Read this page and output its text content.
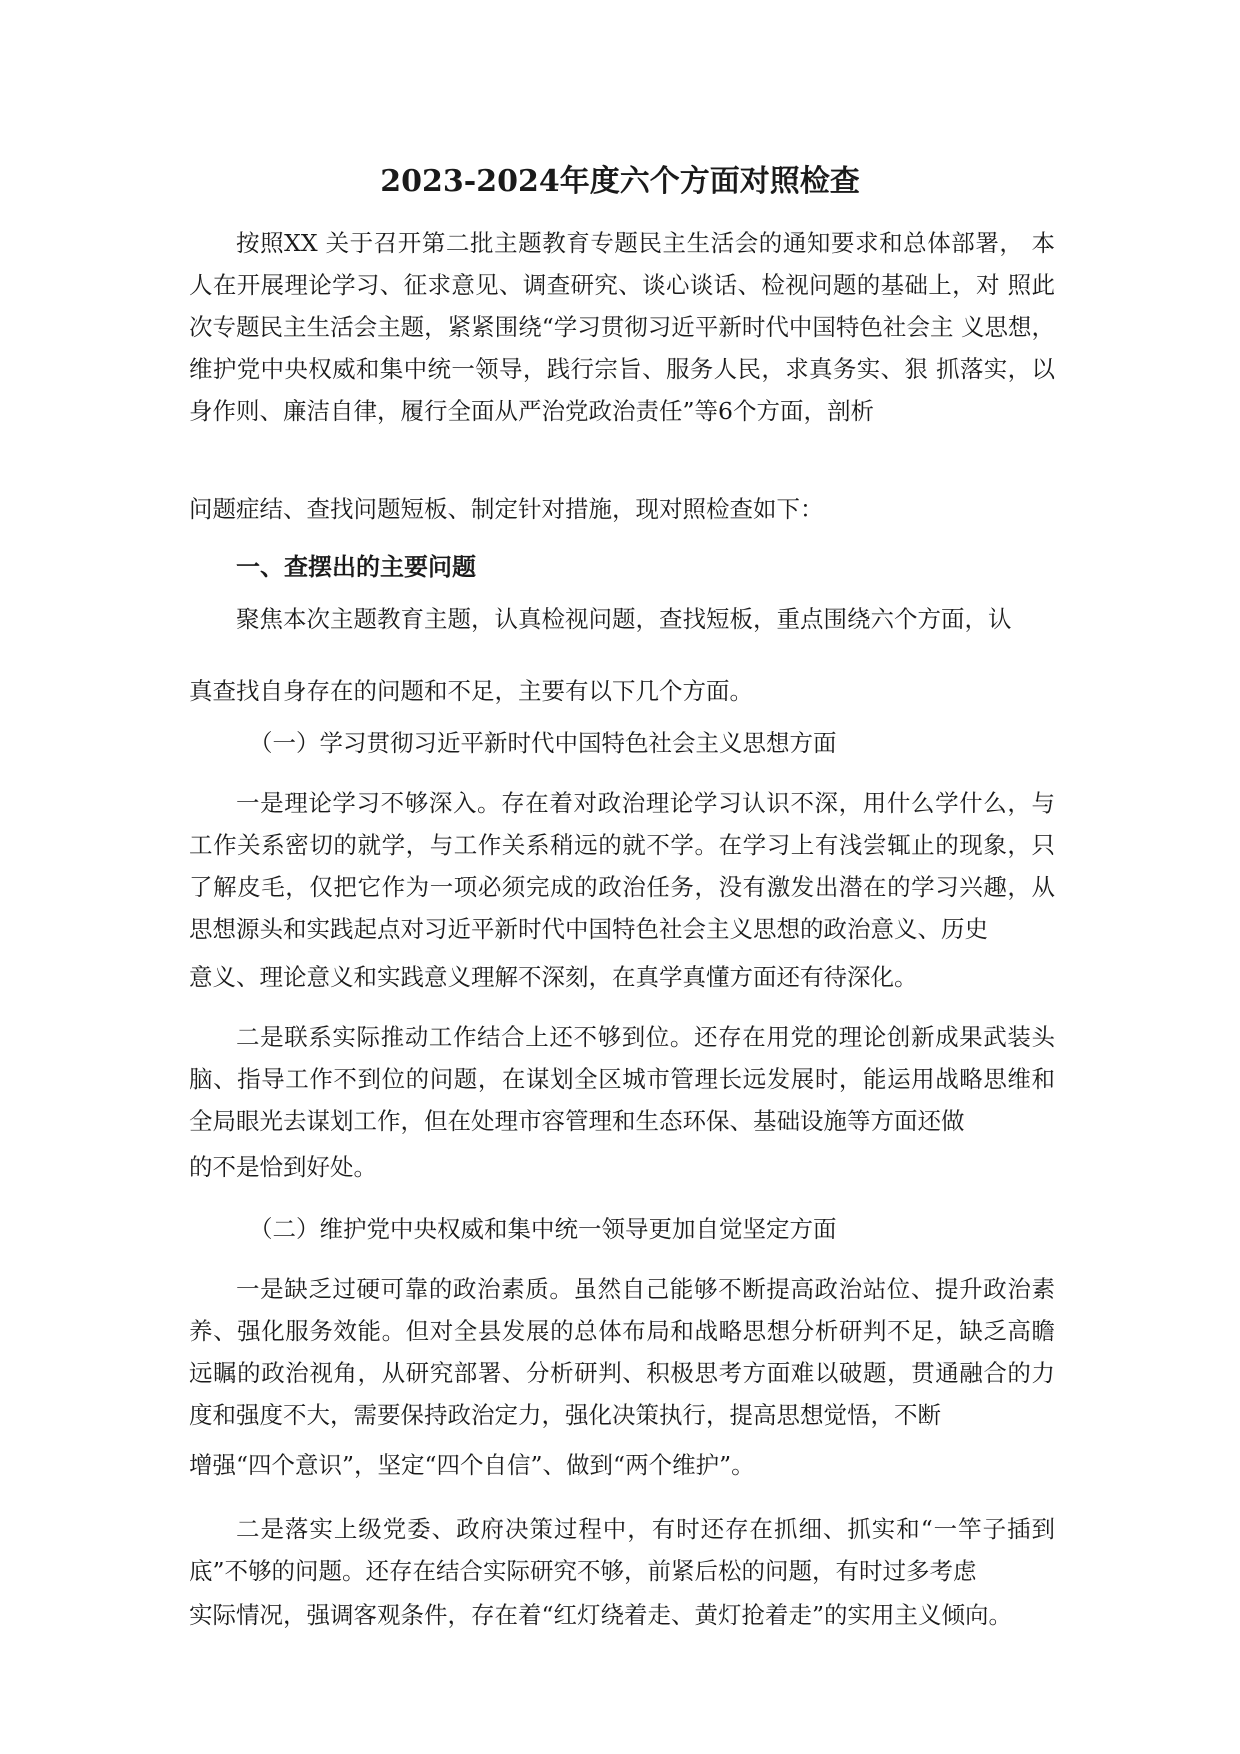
2023-2024年度六个方面对照检查

按照XX 关于召开第二批主题教育专题民主生活会的通知要求和总体部署， 本人在开展理论学习、征求意见、调查研究、谈心谈话、检视问题的基础上，对 照此次专题民主生活会主题，紧紧围绕“学习贯彻习近平新时代中国特色社会主 义思想，维护党中央权威和集中统一领导，践行宗旨、服务人民，求真务实、狠 抓落实，以身作则、廉洁自律，履行全面从严治党政治责任”等6个方面，剖析

问题症结、查找问题短板、制定针对措施，现对照检查如下：

一、查摆出的主要问题

聚焦本次主题教育主题，认真检视问题，查找短板，重点围绕六个方面，认

真查找自身存在的问题和不足，主要有以下几个方面。

（一）学习贯彻习近平新时代中国特色社会主义思想方面

一是理论学习不够深入。存在着对政治理论学习认识不深，用什么学什么，与工作关系密切的就学，与工作关系稍远的就不学。在学习上有浅尝辄止的现象，只了解皮毛，仅把它作为一项必须完成的政治任务，没有激发出潜在的学习兴趣，从思想源头和实践起点对习近平新时代中国特色社会主义思想的政治意义、历史

意义、理论意义和实践意义理解不深刻，在真学真懂方面还有待深化。

二是联系实际推动工作结合上还不够到位。还存在用党的理论创新成果武装头脑、指导工作不到位的问题，在谋划全区城市管理长远发展时，能运用战略思维和全局眼光去谋划工作，但在处理市容管理和生态环保、基础设施等方面还做

的不是恰到好处。

（二）维护党中央权威和集中统一领导更加自觉坚定方面

一是缺乏过硬可靠的政治素质。虽然自己能够不断提高政治站位、提升政治素养、强化服务效能。但对全县发展的总体布局和战略思想分析研判不足，缺乏高瞻远瞩的政治视角，从研究部署、分析研判、积极思考方面难以破题，贯通融合的力度和强度不大，需要保持政治定力，强化决策执行，提高思想觉悟，不断

增强“四个意识”，坚定“四个自信”、做到“两个维护”。

二是落实上级党委、政府决策过程中，有时还存在抓细、抓实和“一竿子插到底”不够的问题。还存在结合实际研究不够，前紧后松的问题，有时过多考虑

实际情况，强调客观条件，存在着“红灯绕着走、黄灯抢着走”的实用主义倾向。
